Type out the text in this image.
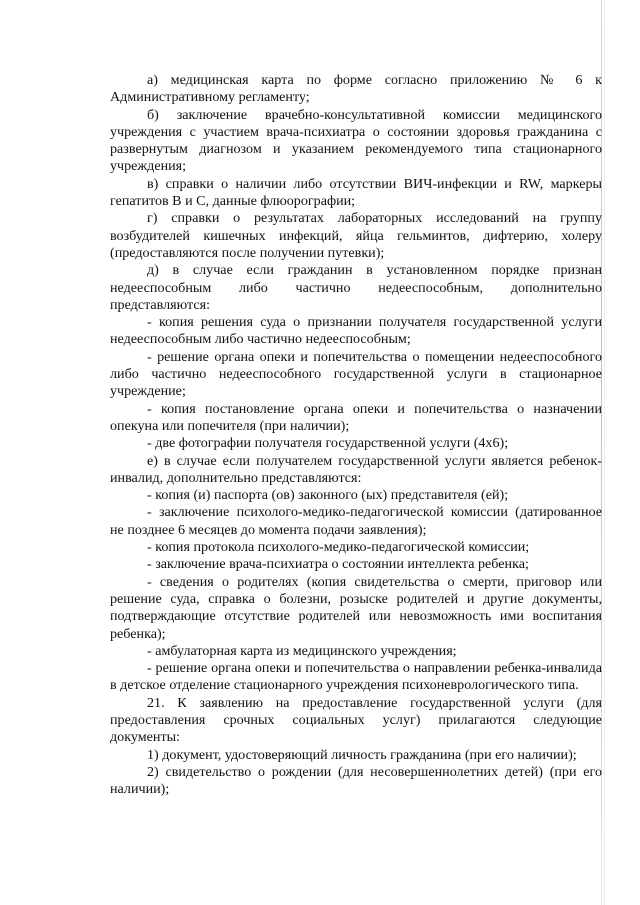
а) медицинская карта по форме согласно приложению № 6 к Административному регламенту;

б) заключение врачебно-консультативной комиссии медицинского учреждения с участием врача-психиатра о состоянии здоровья гражданина с развернутым диагнозом и указанием рекомендуемого типа стационарного учреждения;

в) справки о наличии либо отсутствии ВИЧ-инфекции и RW, маркеры гепатитов В и С, данные флюорографии;

г) справки о результатах лабораторных исследований на группу возбудителей кишечных инфекций, яйца гельминтов, дифтерию, холеру (предоставляются после получении путевки);

д) в случае если гражданин в установленном порядке признан недееспособным либо частично недееспособным, дополнительно представляются:

- копия решения суда о признании получателя государственной услуги недееспособным либо частично недееспособным;

- решение органа опеки и попечительства о помещении недееспособного либо частично недееспособного государственной услуги в стационарное учреждение;

- копия постановление органа опеки и попечительства о назначении опекуна или попечителя (при наличии);

- две фотографии получателя государственной услуги (4х6);

е) в случае если получателем государственной услуги является ребенок-инвалид, дополнительно представляются:

- копия (и) паспорта (ов) законного (ых) представителя (ей);

- заключение психолого-медико-педагогической комиссии (датированное не позднее 6 месяцев до момента подачи заявления);

- копия протокола психолого-медико-педагогической комиссии;

- заключение врача-психиатра о состоянии интеллекта ребенка;

- сведения о родителях (копия свидетельства о смерти, приговор или решение суда, справка о болезни, розыске родителей и другие документы, подтверждающие отсутствие родителей или невозможность ими воспитания ребенка);

- амбулаторная карта из медицинского учреждения;

- решение органа опеки и попечительства о направлении ребенка-инвалида в детское отделение стационарного учреждения психоневрологического типа.

21. К заявлению на предоставление государственной услуги (для предоставления срочных социальных услуг) прилагаются следующие документы:

1) документ, удостоверяющий личность гражданина (при его наличии);

2) свидетельство о рождении (для несовершеннолетних детей) (при его наличии);
